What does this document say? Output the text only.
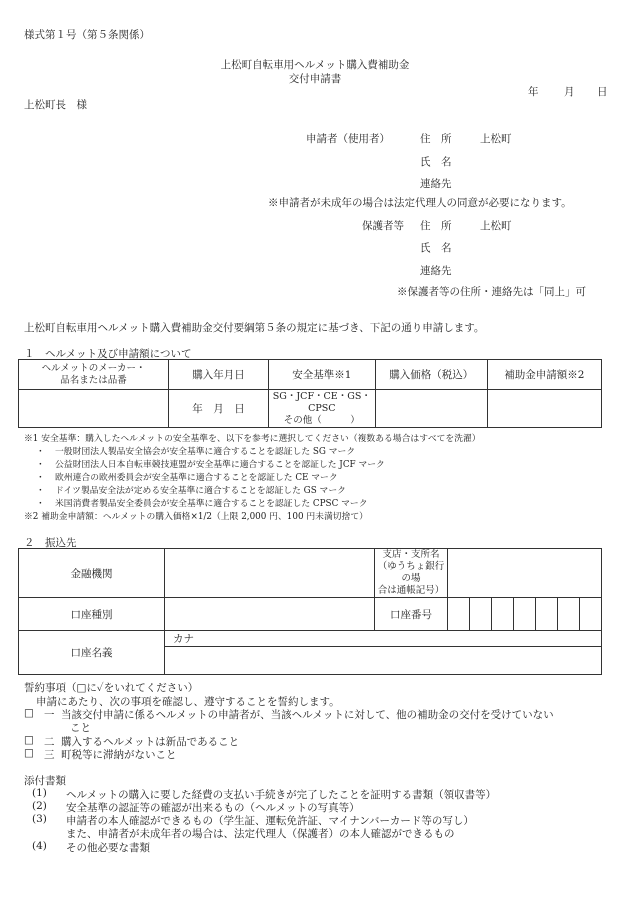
様式第１号（第５条関係）
上松町自転車用ヘルメット購入費補助金
交付申請書
年 月 日
上松町長　様
申請者（使用者）	住　所	上松町
氏　名
連絡先
※申請者が未成年の場合は法定代理人の同意が必要になります。
保護者等 住　所	上松町
氏　名
連絡先
※保護者等の住所・連絡先は「同上」可
上松町自転車用ヘルメット購入費補助金交付要綱第５条の規定に基づき、下記の通り申請します。
１　ヘルメット及び申請額について
ヘルメットのメーカー・
品名または品番	購入年月日	安全基準※1	購入価格（税込）	補助金申請額※2
	年　月　日	SG・JCF・CE・GS・CPSC
その他（　　　）		

※1 安全基準：購入したヘルメットの安全基準を、以下を参考に選択してください（複数ある場合はすべてを洗濯）
・ 一般財団法人製品安全協会が安全基準に適合することを認証した SG マーク
・ 公益財団法人日本自転車競技連盟が安全基準に適合することを認証した JCF マーク
・ 欧州連合の欧州委員会が安全基準に適合することを認証した CE マーク
・ ドイツ製品安全法が定める安全基準に適合することを認証した GS マーク
・ 米国消費者製品安全委員会が安全基準に適合することを認証した CPSC マーク
※2 補助金申請額：ヘルメットの購入価格×1/2（上限 2,000 円、100 円未満切捨て）
２　振込先
金融機関		支店・支所名
（ゆうちょ銀行の場
合は通帳記号）							

口座種別		口座番号							
口座名義	カナ								

誓約事項（□に✓をいれてください）
申請にあたり、次の事項を確認し、遵守することを誓約します。
□ 一 当該交付申請に係るヘルメットの申請者が、当該ヘルメットに対して、他の補助金の交付を受けていない
こと
□ 二 購入するヘルメットは新品であること
□ 三 町税等に滞納がないこと
添付書類
(1) ヘルメットの購入に要した経費の支払い手続きが完了したことを証明する書類（領収書等）
(2) 安全基準の認証等の確認が出来るもの（ヘルメットの写真等）
(3) 申請者の本人確認ができるもの（学生証、運転免許証、マイナンバーカード等の写し）
また、申請者が未成年者の場合は、法定代理人（保護者）の本人確認ができるもの
(4) その他必要な書類
